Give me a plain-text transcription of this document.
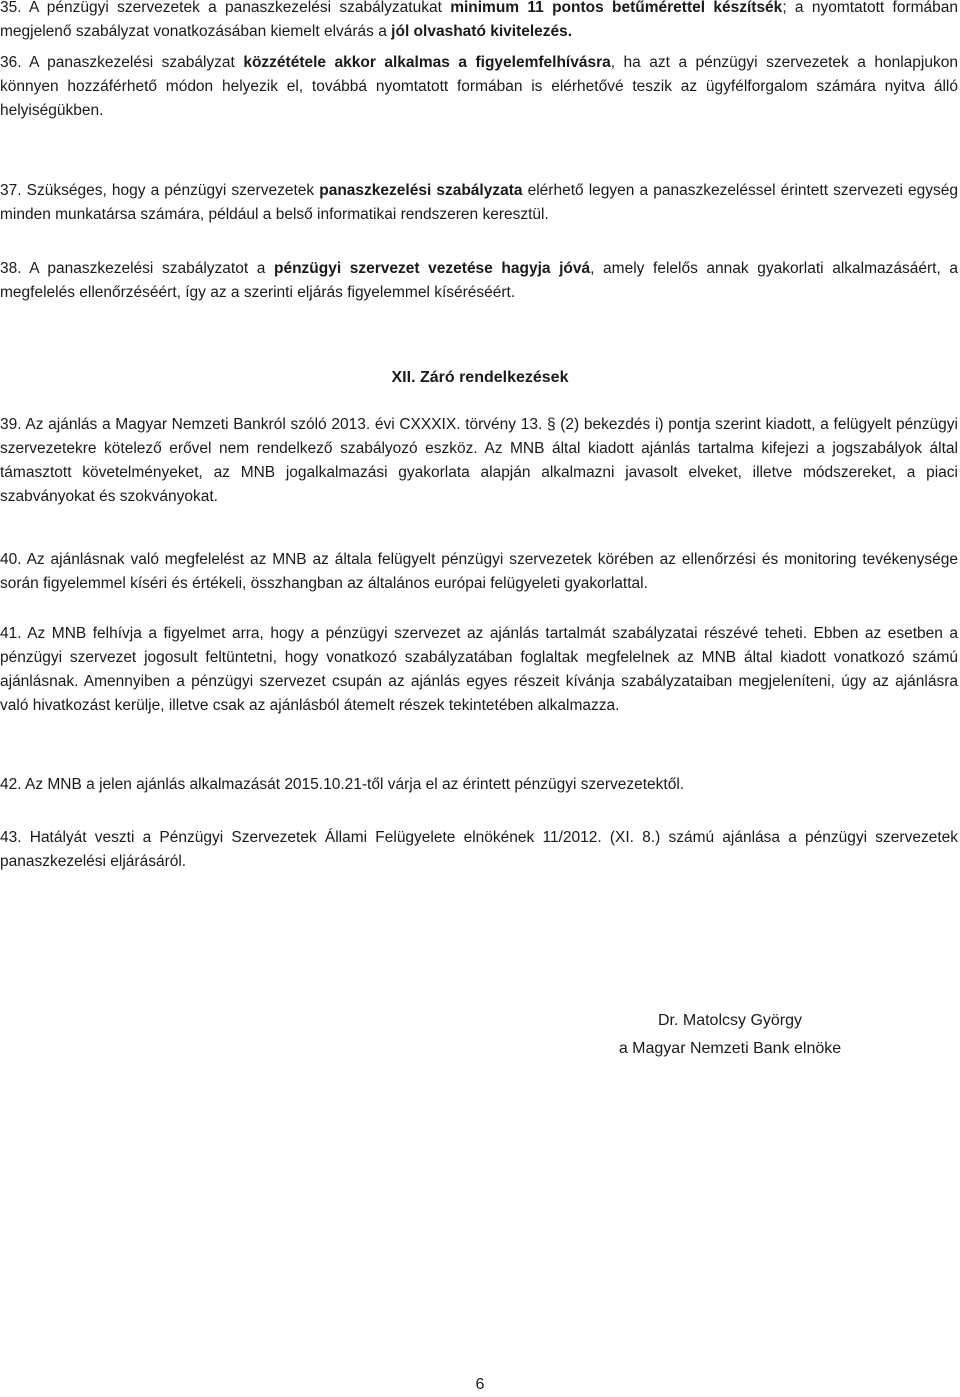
35. A pénzügyi szervezetek a panaszkezelési szabályzatukat minimum 11 pontos betűmérettel készítsék; a nyomtatott formában megjelenő szabályzat vonatkozásában kiemelt elvárás a jól olvasható kivitelezés.

36. A panaszkezelési szabályzat közzététele akkor alkalmas a figyelemfelhívásra, ha azt a pénzügyi szervezetek a honlapjukon könnyen hozzáférhető módon helyezik el, továbbá nyomtatott formában is elérhetővé teszik az ügyfélforgalom számára nyitva álló helyiségükben.

37. Szükséges, hogy a pénzügyi szervezetek panaszkezelési szabályzata elérhető legyen a panaszkezeléssel érintett szervezeti egység minden munkatársa számára, például a belső informatikai rendszeren keresztül.

38. A panaszkezelési szabályzatot a pénzügyi szervezet vezetése hagyja jóvá, amely felelős annak gyakorlati alkalmazásáért, a megfelelés ellenőrzéséért, így az a szerinti eljárás figyelemmel kíséréséért.

XII. Záró rendelkezések

39. Az ajánlás a Magyar Nemzeti Bankról szóló 2013. évi CXXXIX. törvény 13. § (2) bekezdés i) pontja szerint kiadott, a felügyelt pénzügyi szervezetekre kötelező erővel nem rendelkező szabályozó eszköz. Az MNB által kiadott ajánlás tartalma kifejezi a jogszabályok által támasztott követelményeket, az MNB jogalkalmazási gyakorlata alapján alkalmazni javasolt elveket, illetve módszereket, a piaci szabványokat és szokványokat.

40. Az ajánlásnak való megfelelést az MNB az általa felügyelt pénzügyi szervezetek körében az ellenőrzési és monitoring tevékenysége során figyelemmel kíséri és értékeli, összhangban az általános európai felügyeleti gyakorlattal.

41. Az MNB felhívja a figyelmet arra, hogy a pénzügyi szervezet az ajánlás tartalmát szabályzatai részévé teheti. Ebben az esetben a pénzügyi szervezet jogosult feltüntetni, hogy vonatkozó szabályzatában foglaltak megfelelnek az MNB által kiadott vonatkozó számú ajánlásnak. Amennyiben a pénzügyi szervezet csupán az ajánlás egyes részeit kívánja szabályzataiban megjeleníteni, úgy az ajánlásra való hivatkozást kerülje, illetve csak az ajánlásból átemelt részek tekintetében alkalmazza.

42. Az MNB a jelen ajánlás alkalmazását 2015.10.21-től várja el az érintett pénzügyi szervezetektől.

43. Hatályát veszti a Pénzügyi Szervezetek Állami Felügyelete elnökének 11/2012. (XI. 8.) számú ajánlása a pénzügyi szervezetek panaszkezelési eljárásáról.

Dr. Matolcsy György
a Magyar Nemzeti Bank elnöke

6
